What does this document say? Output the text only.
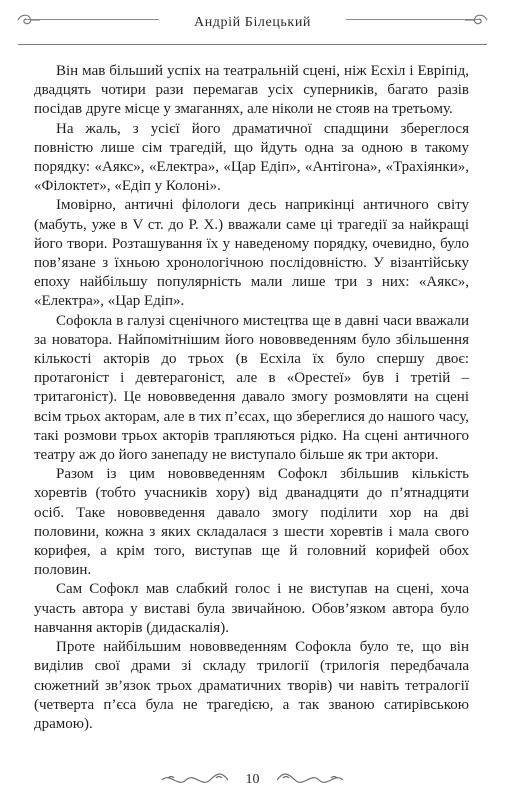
Андрій Білецький

Він мав більший успіх на театральній сцені, ніж Есхіл і Евріпід, двадцять чотири рази перемагав усіх суперників, багато разів посідав друге місце у змаганнях, але ніколи не стояв на третьому.

На жаль, з усієї його драматичної спадщини збереглося повністю лише сім трагедій, що йдуть одна за одною в такому порядку: «Аякс», «Електра», «Цар Едіп», «Антігона», «Трахіянки», «Філоктет», «Едіп у Колоні».

Імовірно, античні філологи десь наприкінці античного світу (мабуть, уже в V ст. до Р. Х.) вважали саме ці трагедії за найкращі його твори. Розташування їх у наведеному порядку, очевидно, було пов’язане з їхньою хронологічною послідовністю. У візантійську епоху найбільшу популярність мали лише три з них: «Аякс», «Електра», «Цар Едіп».

Софокла в галузі сценічного мистецтва ще в давні часи вважали за новатора. Найпомітнішим його нововведенням було збільшення кількості акторів до трьох (в Есхіла їх було спершу двоє: протагоніст і девтерагоніст, але в «Орестеї» був і третій – тритагоніст). Це нововведення давало змогу розмовляти на сцені всім трьох акторам, але в тих п’єсах, що збереглися до нашого часу, такі розмови трьох акторів трапляються рідко. На сцені античного театру аж до його занепаду не виступало більше як три актори.

Разом із цим нововведенням Софокл збільшив кількість хоревтів (тобто учасників хору) від дванадцяти до п’ятнадцяти осіб. Таке нововведення давало змогу поділити хор на дві половини, кожна з яких складалася з шести хоревтів і мала свого корифея, а крім того, виступав ще й головний корифей обох половин.

Сам Софокл мав слабкий голос і не виступав на сцені, хоча участь автора у виставі була звичайною. Обов’язком автора було навчання акторів (дидаскалія).

Проте найбільшим нововведенням Софокла було те, що він виділив свої драми зі складу трилогії (трилогія передбачала сюжетний зв’язок трьох драматичних творів) чи навіть тетралогії (четверта п’єса була не трагедією, а так званою сатирівською драмою).

10
